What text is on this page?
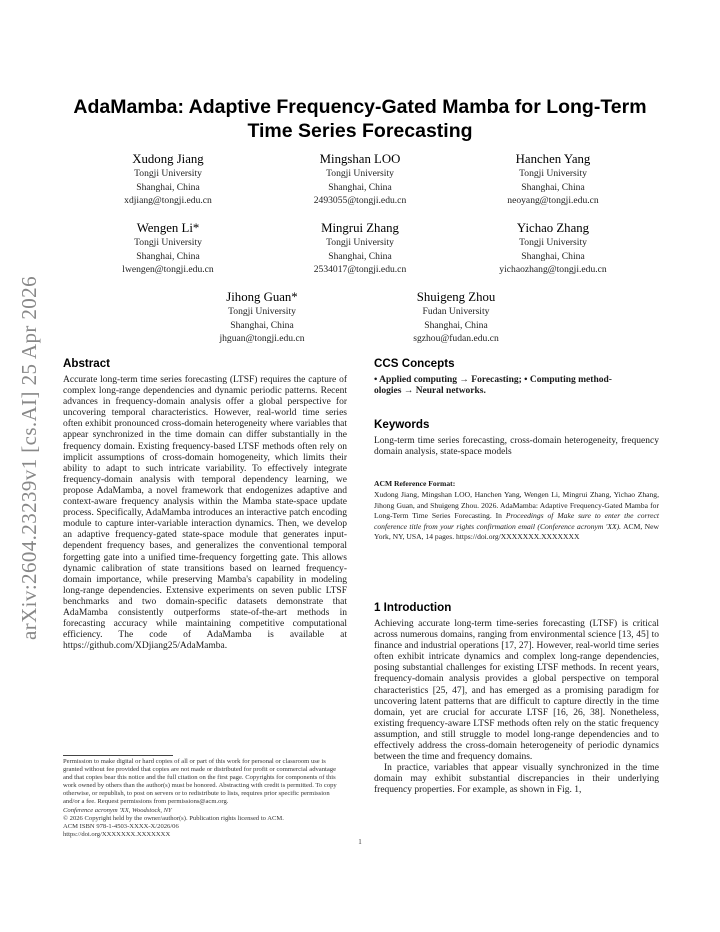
arXiv:2604.23239v1 [cs.AI] 25 Apr 2026
AdaMamba: Adaptive Frequency-Gated Mamba for Long-Term
Time Series Forecasting
Xudong Jiang
Tongji University
Shanghai, China
xdjiang@tongji.edu.cn
Mingshan LOO
Tongji University
Shanghai, China
2493055@tongji.edu.cn
Hanchen Yang
Tongji University
Shanghai, China
neoyang@tongji.edu.cn
Wengen Li*
Tongji University
Shanghai, China
lwengen@tongji.edu.cn
Mingrui Zhang
Tongji University
Shanghai, China
2534017@tongji.edu.cn
Yichao Zhang
Tongji University
Shanghai, China
yichaozhang@tongji.edu.cn
Jihong Guan*
Tongji University
Shanghai, China
jhguan@tongji.edu.cn
Shuigeng Zhou
Fudan University
Shanghai, China
sgzhou@fudan.edu.cn
Abstract
Accurate long-term time series forecasting (LTSF) requires the capture of complex long-range dependencies and dynamic periodic patterns. Recent advances in frequency-domain analysis offer a global perspective for uncovering temporal characteristics. However, real-world time series often exhibit pronounced cross-domain heterogeneity where variables that appear synchronized in the time domain can differ substantially in the frequency domain. Existing frequency-based LTSF methods often rely on implicit assumptions of cross-domain homogeneity, which limits their ability to adapt to such intricate variability. To effectively integrate frequency-domain analysis with temporal dependency learning, we propose AdaMamba, a novel framework that endogenizes adaptive and context-aware frequency analysis within the Mamba state-space update process. Specifically, AdaMamba introduces an interactive patch encoding module to capture inter-variable interaction dynamics. Then, we develop an adaptive frequency-gated state-space module that generates input-dependent frequency bases, and generalizes the conventional temporal forgetting gate into a unified time-frequency forgetting gate. This allows dynamic calibration of state transitions based on learned frequency-domain importance, while preserving Mamba's capability in modeling long-range dependencies. Extensive experiments on seven public LTSF benchmarks and two domain-specific datasets demonstrate that AdaMamba consistently outperforms state-of-the-art methods in forecasting accuracy while maintaining competitive computational efficiency. The code of AdaMamba is available at https://github.com/XDjiang25/AdaMamba.
Permission to make digital or hard copies of all or part of this work for personal or classroom use is granted without fee provided that copies are not made or distributed for profit or commercial advantage and that copies bear this notice and the full citation on the first page. Copyrights for components of this work owned by others than the author(s) must be honored. Abstracting with credit is permitted. To copy otherwise, or republish, to post on servers or to redistribute to lists, requires prior specific permission and/or a fee. Request permissions from permissions@acm.org.
Conference acronym 'XX, Woodstock, NY
© 2026 Copyright held by the owner/author(s). Publication rights licensed to ACM.
ACM ISBN 978-1-4503-XXXX-X/2026/06
https://doi.org/XXXXXXX.XXXXXXX
CCS Concepts
• Applied computing → Forecasting; • Computing method-
ologies → Neural networks.
Keywords
Long-term time series forecasting, cross-domain heterogeneity, frequency domain analysis, state-space models
ACM Reference Format:
Xudong Jiang, Mingshan LOO, Hanchen Yang, Wengen Li, Mingrui Zhang, Yichao Zhang, Jihong Guan, and Shuigeng Zhou. 2026. AdaMamba: Adaptive Frequency-Gated Mamba for Long-Term Time Series Forecasting. In Proceedings of Make sure to enter the correct conference title from your rights confirmation email (Conference acronym 'XX). ACM, New York, NY, USA, 14 pages. https://doi.org/XXXXXXX.XXXXXXX
1 Introduction
Achieving accurate long-term time-series forecasting (LTSF) is critical across numerous domains, ranging from environmental science [13, 45] to finance and industrial operations [17, 27]. However, real-world time series often exhibit intricate dynamics and complex long-range dependencies, posing substantial challenges for existing LTSF methods. In recent years, frequency-domain analysis provides a global perspective on temporal characteristics [25, 47], and has emerged as a promising paradigm for uncovering latent patterns that are difficult to capture directly in the time domain, yet are crucial for accurate LTSF [16, 26, 38]. Nonetheless, existing frequency-aware LTSF methods often rely on the static frequency assumption, and still struggle to model long-range dependencies and to effectively address the cross-domain heterogeneity of periodic dynamics between the time and frequency domains.
In practice, variables that appear visually synchronized in the time domain may exhibit substantial discrepancies in their underlying frequency properties. For example, as shown in Fig. 1,
1
